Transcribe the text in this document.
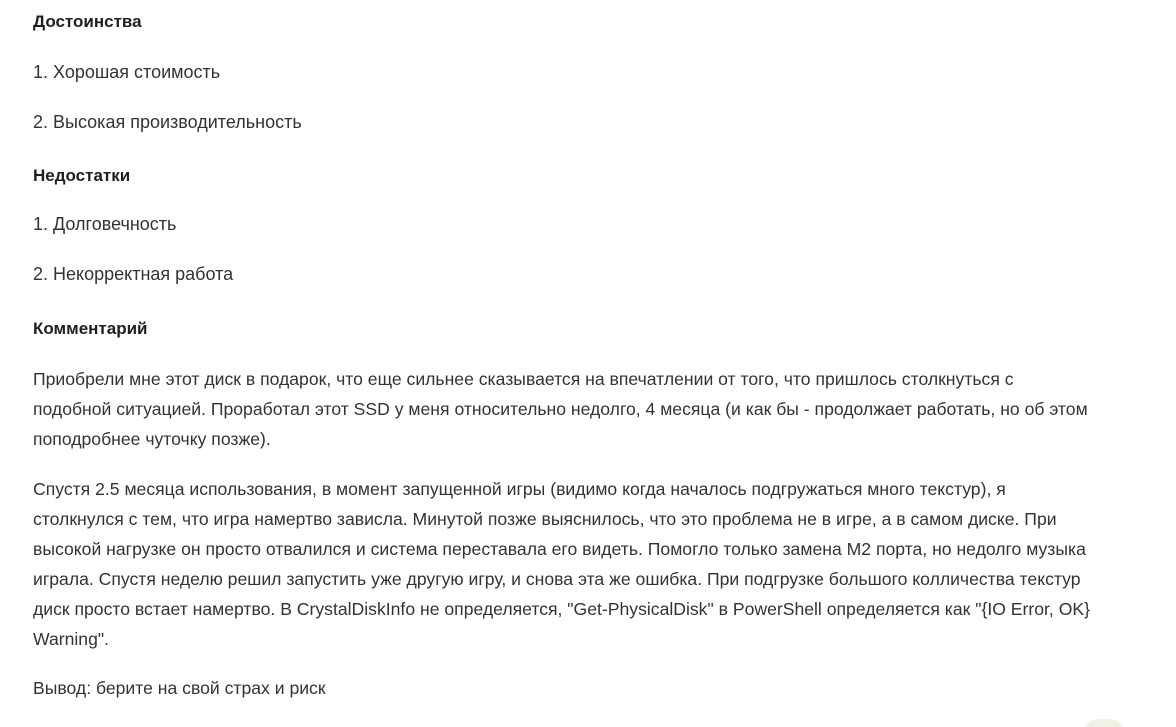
Достоинства
1. Хорошая стоимость
2. Высокая производительность
Недостатки
1. Долговечность
2. Некорректная работа
Комментарий
Приобрели мне этот диск в подарок, что еще сильнее сказывается на впечатлении от того, что пришлось столкнуться с
подобной ситуацией. Проработал этот SSD у меня относительно недолго, 4 месяца (и как бы - продолжает работать, но об этом
поподробнее чуточку позже).
Спустя 2.5 месяца использования, в момент запущенной игры (видимо когда началось подгружаться много текстур), я
столкнулся с тем, что игра намертво зависла. Минутой позже выяснилось, что это проблема не в игре, а в самом диске. При
высокой нагрузке он просто отвалился и система переставала его видеть. Помогло только замена M2 порта, но недолго музыка
играла. Спустя неделю решил запустить уже другую игру, и снова эта же ошибка. При подгрузке большого колличества текстур
диск просто встает намертво. В CrystalDiskInfo не определяется, "Get-PhysicalDisk" в PowerShell определяется как "{IO Error, OK}
Warning".
Вывод: берите на свой страх и риск
